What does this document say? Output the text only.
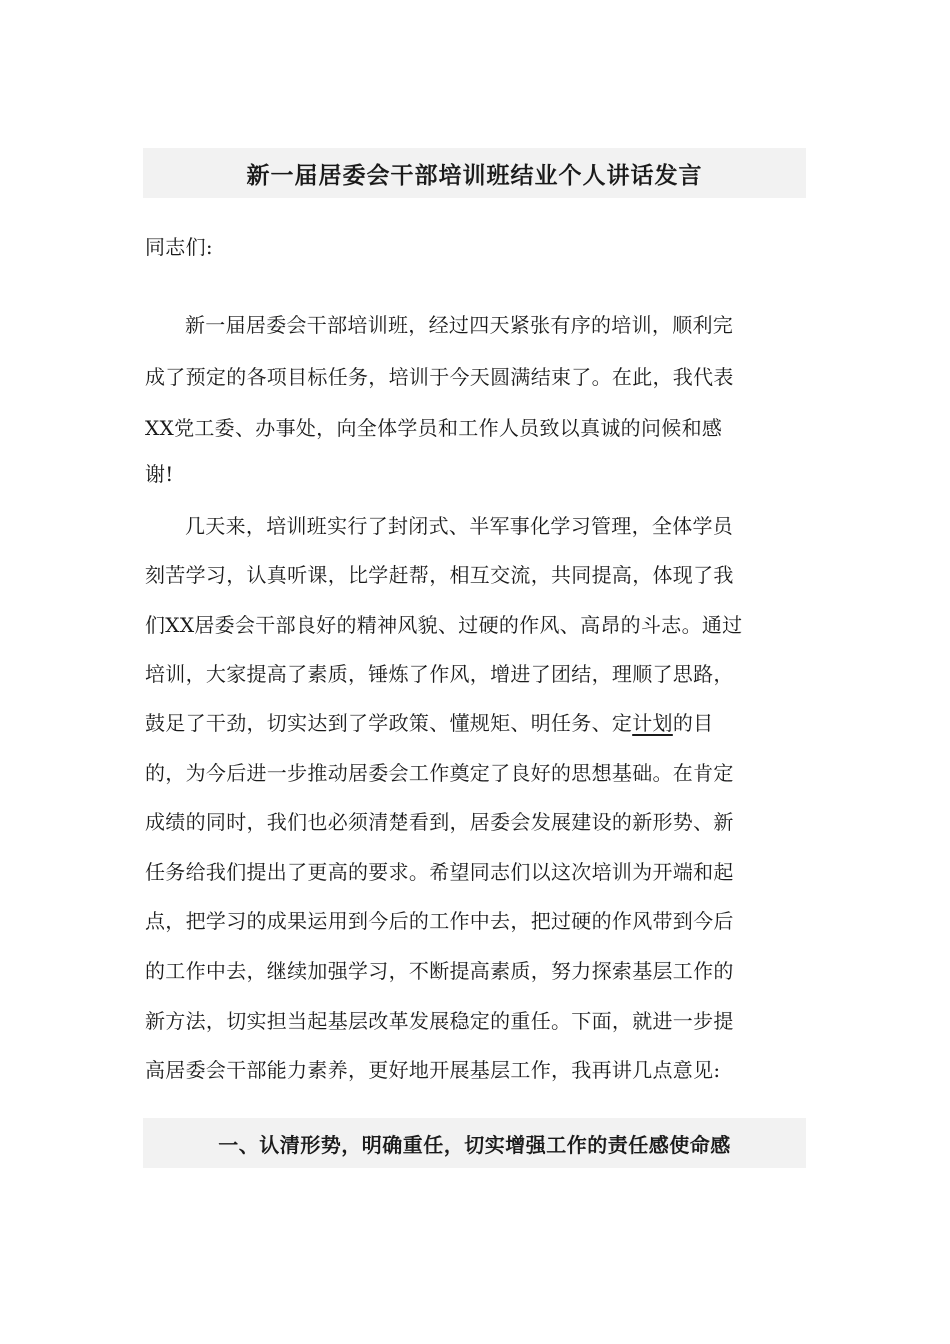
新一届居委会干部培训班结业个人讲话发言
同志们:
新一届居委会干部培训班，经过四天紧张有序的培训，顺利完
成了预定的各项目标任务，培训于今天圆满结束了。在此，我代表
XX党工委、办事处，向全体学员和工作人员致以真诚的问候和感
谢!
几天来，培训班实行了封闭式、半军事化学习管理，全体学员
刻苦学习，认真听课，比学赶帮，相互交流，共同提高，体现了我
们XX居委会干部良好的精神风貌、过硬的作风、高昂的斗志。通过
培训，大家提高了素质，锤炼了作风，增进了团结，理顺了思路，
鼓足了干劲，切实达到了学政策、懂规矩、明任务、定计划的目
的，为今后进一步推动居委会工作奠定了良好的思想基础。在肯定
成绩的同时，我们也必须清楚看到，居委会发展建设的新形势、新
任务给我们提出了更高的要求。希望同志们以这次培训为开端和起
点，把学习的成果运用到今后的工作中去，把过硬的作风带到今后
的工作中去，继续加强学习，不断提高素质，努力探索基层工作的
新方法，切实担当起基层改革发展稳定的重任。下面，就进一步提
高居委会干部能力素养，更好地开展基层工作，我再讲几点意见:
一、认清形势，明确重任，切实增强工作的责任感使命感
